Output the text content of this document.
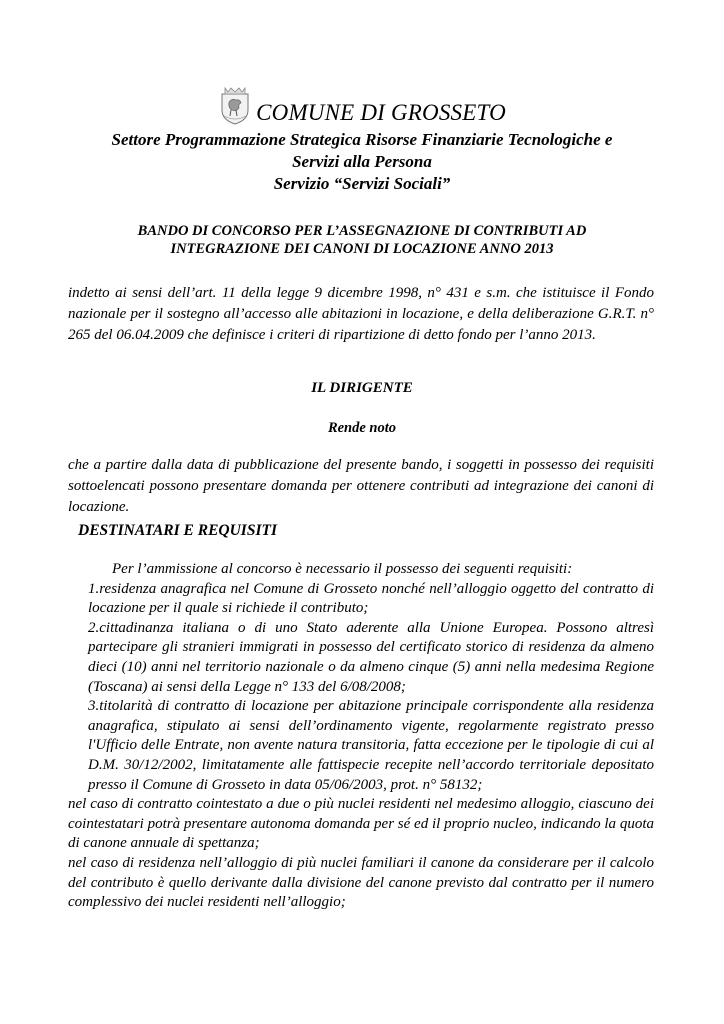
COMUNE DI GROSSETO
Settore Programmazione Strategica Risorse Finanziarie Tecnologiche e
Servizi alla Persona
Servizio “Servizi Sociali”
BANDO DI CONCORSO PER L’ASSEGNAZIONE DI CONTRIBUTI AD
INTEGRAZIONE DEI CANONI DI LOCAZIONE ANNO 2013
indetto ai sensi dell’art. 11 della legge 9 dicembre 1998, n° 431 e s.m. che istituisce il Fondo nazionale per il sostegno all’accesso alle abitazioni in locazione, e della deliberazione G.R.T. n° 265 del 06.04.2009 che definisce i criteri di ripartizione di detto fondo per l’anno 2013.
IL DIRIGENTE
Rende noto
che a partire dalla data di pubblicazione del presente bando, i soggetti in possesso dei requisiti sottoelencati possono presentare domanda per ottenere contributi ad integrazione dei canoni di locazione.
DESTINATARI E REQUISITI
Per l’ammissione al concorso è necessario il possesso dei seguenti requisiti:
1.residenza anagrafica nel Comune di Grosseto nonché nell’alloggio oggetto del contratto di locazione per il quale si richiede il contributo;
2.cittadinanza italiana o di uno Stato aderente alla Unione Europea. Possono altresì partecipare gli stranieri immigrati in possesso del certificato storico di residenza da almeno dieci (10) anni nel territorio nazionale o da almeno cinque (5) anni nella medesima Regione (Toscana) ai sensi della Legge n° 133 del 6/08/2008;
3.titolarità di contratto di locazione per abitazione principale corrispondente alla residenza anagrafica, stipulato ai sensi dell’ordinamento vigente, regolarmente registrato presso l'Ufficio delle Entrate, non avente natura transitoria, fatta eccezione per le tipologie di cui al D.M. 30/12/2002, limitatamente alle fattispecie recepite nell’accordo territoriale depositato presso il Comune di Grosseto in data 05/06/2003, prot. n° 58132;
nel caso di contratto cointestato a due o più nuclei residenti nel medesimo alloggio, ciascuno dei cointestatari potrà presentare autonoma domanda per sé ed il proprio nucleo, indicando la quota di canone annuale di spettanza;
nel caso di residenza nell’alloggio di più nuclei familiari il canone da considerare per il calcolo del contributo è quello derivante dalla divisione del canone previsto dal contratto per il numero complessivo dei nuclei residenti nell’alloggio;
